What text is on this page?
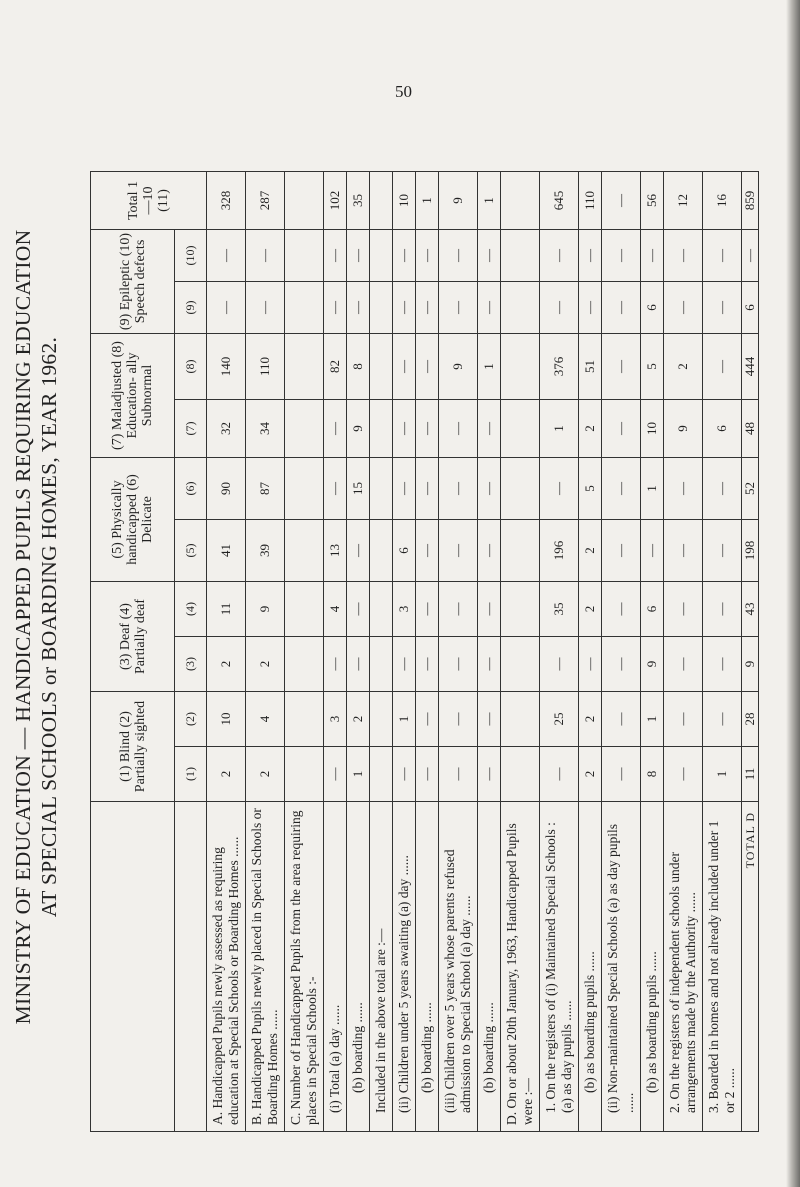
50
MINISTRY OF EDUCATION — HANDICAPPED PUPILS REQUIRING EDUCATION AT SPECIAL SCHOOLS or BOARDING HOMES, YEAR 1962.
		(1) Blind (2) Partially sighted		(3) Deaf (4) Partially deaf		(5) Physically handicapped (6) Delicate		(7) Maladjusted (8) Education- ally Subnormal		(9) Epileptic (10) Speech defects		Total 1—10
(11)
	(1)	(2)	(3)	(4)	(5)	(6)	(7)	(8)	(9)	(10)	
A. Handicapped Pupils newly assessed as requiring education at Special Schools or Boarding Homes ......	2	10	2	11	41	90	32	140	—	—	328
B. Handicapped Pupils newly placed in Special Schools or Boarding Homes ......	2	4	2	9	39	87	34	110	—	—	287
C. Number of Handicapped Pupils from the area requiring places in Special Schools :-											
(i) Total (a) day ......	—	3	—	4	13	—	—	82	—	—	102
(b) boarding ......	1	2	—	—	—	15	9	8	—	—	35
Included in the above total are :—											
(ii) Children under 5 years awaiting (a) day ......	—	1	—	3	6	—	—	—	—	—	10
(b) boarding ......	—	—	—	—	—	—	—	—	—	—	1
(iii) Children over 5 years whose parents refused admission to Special School (a) day ......	—	—	—	—	—	—	—	9	—	—	9
(b) boarding ......	—	—	—	—	—	—	—	1	—	—	1
D. On or about 20th January, 1963, Handicapped Pupils were :—											
1. On the registers of (i) Maintained Special Schools : (a) as day pupils ......	—	25	—	35	196	—	1	376	—	—	645
(b) as boarding pupils ......	2	2	—	2	2	5	2	51	—	—	110
(ii) Non-maintained Special Schools (a) as day pupils ......	—	—	—	—	—	—	—	—	—	—	—
(b) as boarding pupils ......	8	1	9	6	—	1	10	5	6	—	56
2. On the registers of independent schools under arrangements made by the Authority ......	—	—	—	—	—	—	9	2	—	—	12
3. Boarded in homes and not already included under 1 or 2 ......	1	—	—	—	—	—	6	—	—	—	16
TOTAL D	11	28	9	43	198	52	48	444	6	—	859
